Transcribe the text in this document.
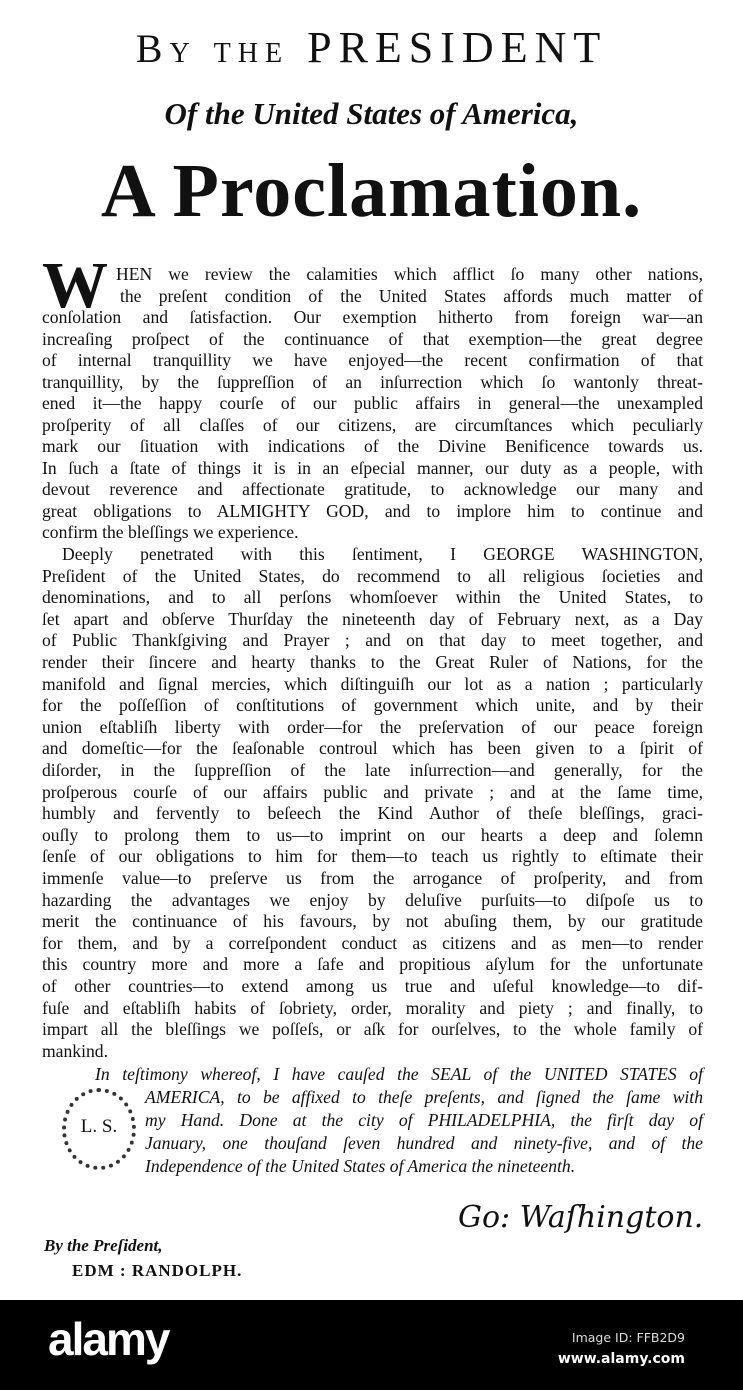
By the PRESIDENT
Of the United States of America,
A Proclamation.
W HEN we review the calamities which afflict ſo many other nations,
the preſent condition of the United States affords much matter of
conſolation and ſatisfaction. Our exemption hitherto from foreign war—an
increaſing proſpect of the continuance of that exemption—the great degree
of internal tranquillity we have enjoyed—the recent confirmation of that
tranquillity, by the ſuppreſſion of an inſurrection which ſo wantonly threat-
ened it—the happy courſe of our public affairs in general—the unexampled
proſperity of all claſſes of our citizens, are circumſtances which peculiarly
mark our ſituation with indications of the Divine Benificence towards us.
In ſuch a ſtate of things it is in an eſpecial manner, our duty as a people, with
devout reverence and affectionate gratitude, to acknowledge our many and
great obligations to ALMIGHTY GOD, and to implore him to continue and
confirm the bleſſings we experience.
Deeply penetrated with this ſentiment, I GEORGE WASHINGTON,
Preſident of the United States, do recommend to all religious ſocieties and
denominations, and to all perſons whomſoever within the United States, to
ſet apart and obſerve Thurſday the nineteenth day of February next, as a Day
of Public Thankſgiving and Prayer ; and on that day to meet together, and
render their ſincere and hearty thanks to the Great Ruler of Nations, for the
manifold and ſignal mercies, which diſtinguiſh our lot as a nation ; particularly
for the poſſeſſion of conſtitutions of government which unite, and by their
union eſtabliſh liberty with order—for the preſervation of our peace foreign
and domeſtic—for the ſeaſonable controul which has been given to a ſpirit of
diſorder, in the ſuppreſſion of the late inſurrection—and generally, for the
proſperous courſe of our affairs public and private ; and at the ſame time,
humbly and fervently to beſeech the Kind Author of theſe bleſſings, graci-
ouſly to prolong them to us—to imprint on our hearts a deep and ſolemn
ſenſe of our obligations to him for them—to teach us rightly to eſtimate their
immenſe value—to preſerve us from the arrogance of proſperity, and from
hazarding the advantages we enjoy by deluſive purſuits—to diſpoſe us to
merit the continuance of his favours, by not abuſing them, by our gratitude
for them, and by a correſpondent conduct as citizens and as men—to render
this country more and more a ſafe and propitious aſylum for the unfortunate
of other countries—to extend among us true and uſeful knowledge—to dif-
fuſe and eſtabliſh habits of ſobriety, order, morality and piety ; and finally, to
impart all the bleſſings we poſſeſs, or aſk for ourſelves, to the whole family of
mankind.
L. S.
In teſtimony whereof, I have cauſed the SEAL of the UNITED STATES of
AMERICA, to be affixed to theſe preſents, and ſigned the ſame with
my Hand. Done at the city of PHILADELPHIA, the firſt day of
January, one thouſand ſeven hundred and ninety-five, and of the
Independence of the United States of America the nineteenth.
Go: Waſhington.
By the Preſident,
EDM : RANDOLPH.
alamy	Image ID: FFB2D9
www.alamy.com
